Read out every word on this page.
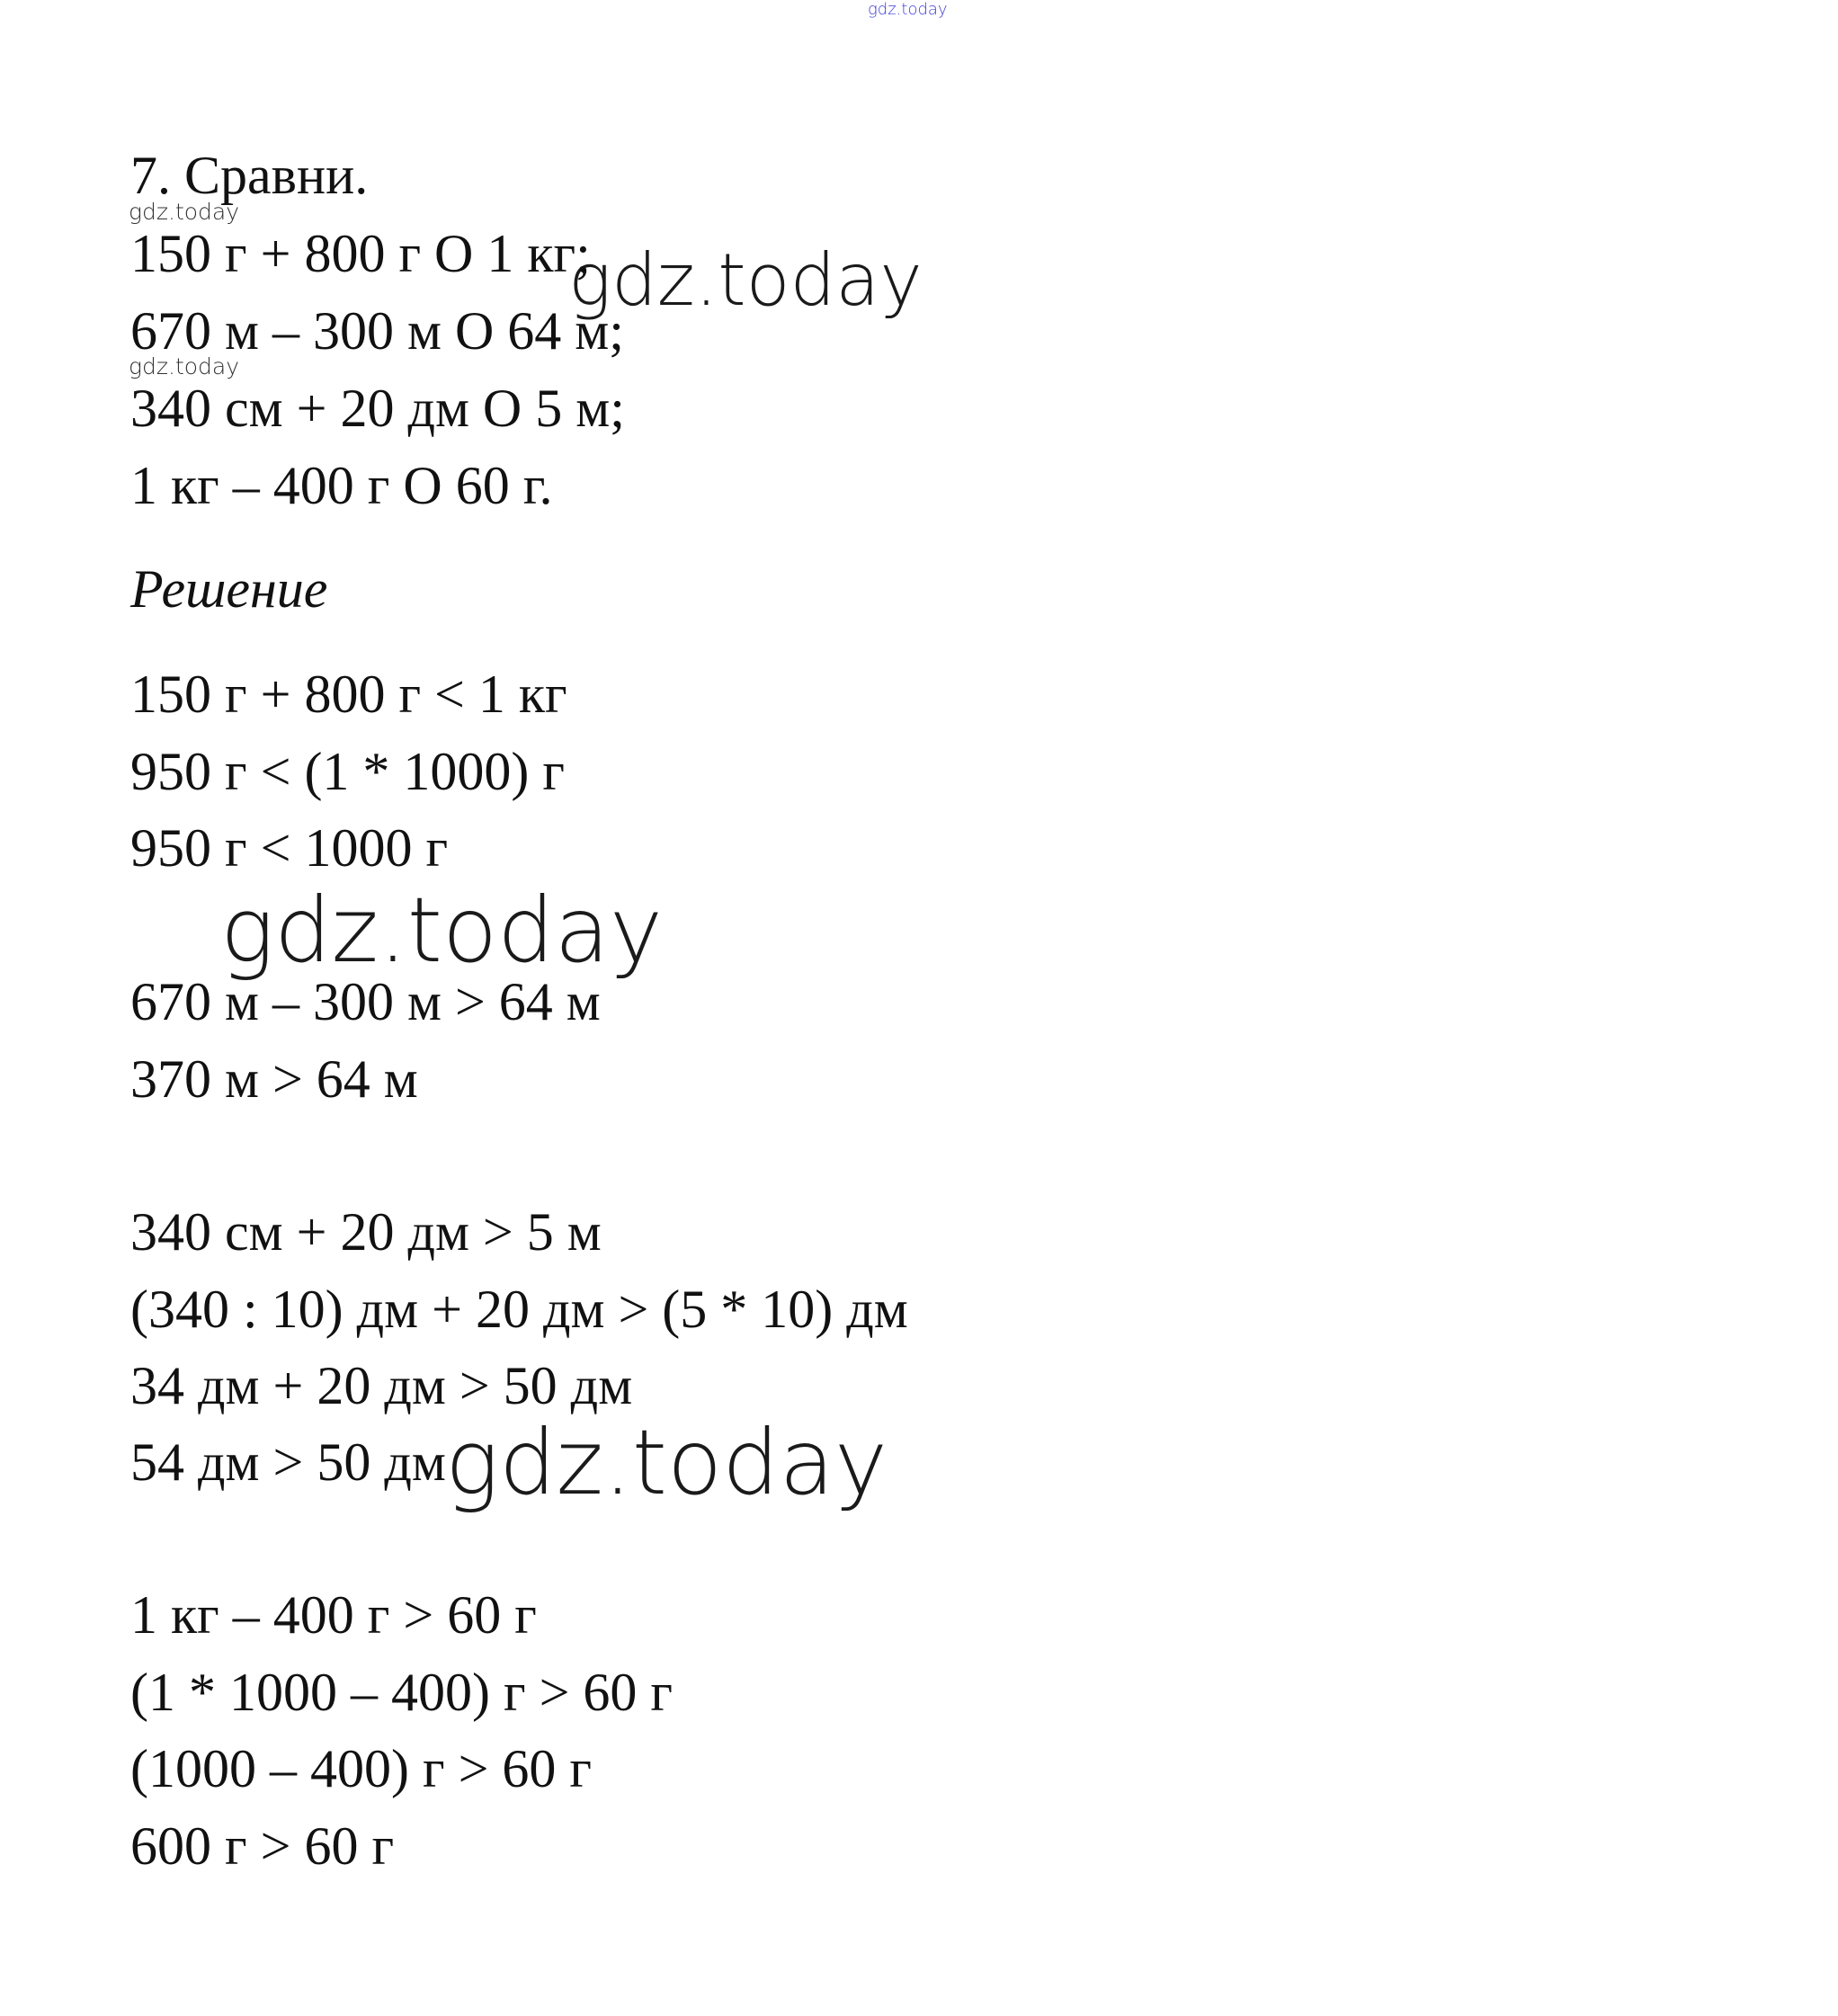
gdz.today
gdz.today
gdz.today
gdz.today
gdz.today
gdz.today

7. Сравни.

150 г + 800 г О 1 кг;

670 м – 300 м О 64 м;

340 см + 20 дм О 5 м;

1 кг – 400 г О 60 г.

Решение

150 г + 800 г < 1 кг

950 г < (1 * 1000) г

950 г < 1000 г

670 м – 300 м > 64 м

370 м > 64 м

340 см + 20 дм > 5 м

(340 : 10) дм + 20 дм > (5 * 10) дм

34 дм + 20 дм > 50 дм

54 дм > 50 дм

1 кг – 400 г > 60 г

(1 * 1000 – 400) г > 60 г

(1000 – 400) г > 60 г

600 г > 60 г
